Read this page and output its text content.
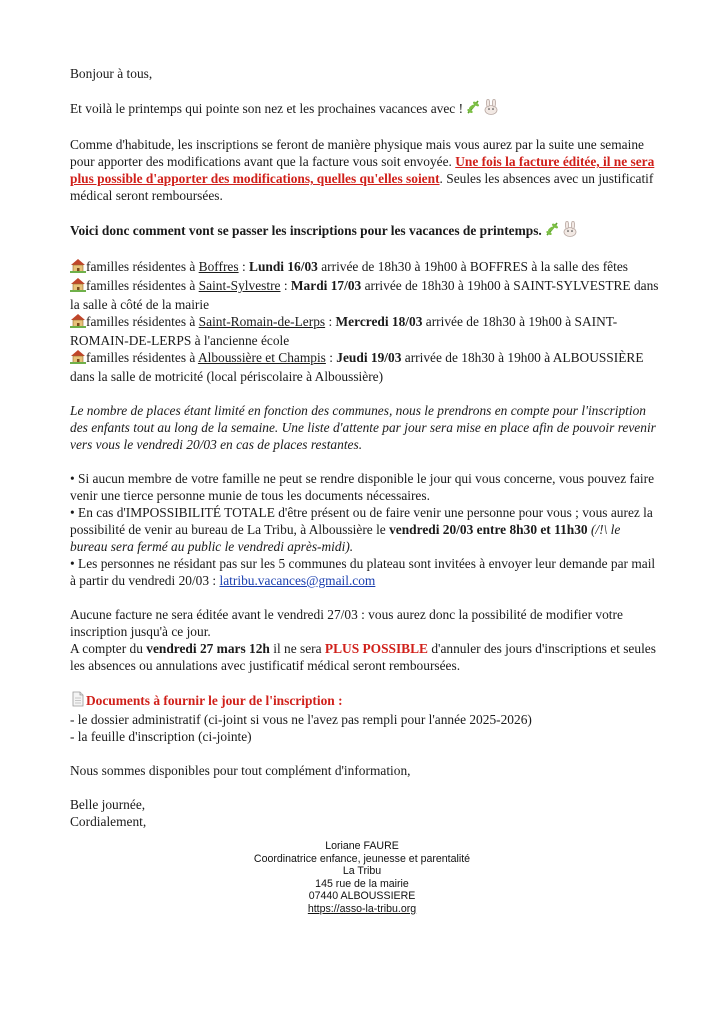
Bonjour à tous,

Et voilà le printemps qui pointe son nez et les prochaines vacances avec !

Comme d'habitude, les inscriptions se feront de manière physique mais vous aurez par la suite une semaine pour apporter des modifications avant que la facture vous soit envoyée. Une fois la facture éditée, il ne sera plus possible d'apporter des modifications, quelles qu'elles soient. Seules les absences avec un justificatif médical seront remboursées.

Voici donc comment vont se passer les inscriptions pour les vacances de printemps.

familles résidentes à Boffres : Lundi 16/03 arrivée de 18h30 à 19h00 à BOFFRES à la salle des fêtes

familles résidentes à Saint-Sylvestre : Mardi 17/03 arrivée de 18h30 à 19h00 à SAINT-SYLVESTRE dans la salle à côté de la mairie

familles résidentes à Saint-Romain-de-Lerps : Mercredi 18/03 arrivée de 18h30 à 19h00 à SAINT-ROMAIN-DE-LERPS à l'ancienne école

familles résidentes à Alboussière et Champis : Jeudi 19/03 arrivée de 18h30 à 19h00 à ALBOUSSIÈRE dans la salle de motricité (local périscolaire à Alboussière)

Le nombre de places étant limité en fonction des communes, nous le prendrons en compte pour l'inscription des enfants tout au long de la semaine. Une liste d'attente par jour sera mise en place afin de pouvoir revenir vers vous le vendredi 20/03 en cas de places restantes.

• Si aucun membre de votre famille ne peut se rendre disponible le jour qui vous concerne, vous pouvez faire venir une tierce personne munie de tous les documents nécessaires.

• En cas d'IMPOSSIBILITÉ TOTALE d'être présent ou de faire venir une personne pour vous ; vous aurez la possibilité de venir au bureau de La Tribu, à Alboussière le vendredi 20/03 entre 8h30 et 11h30 (/!\ le bureau sera fermé au public le vendredi après-midi).

• Les personnes ne résidant pas sur les 5 communes du plateau sont invitées à envoyer leur demande par mail à partir du vendredi 20/03 : latribu.vacances@gmail.com

Aucune facture ne sera éditée avant le vendredi 27/03 : vous aurez donc la possibilité de modifier votre inscription jusqu'à ce jour.

A compter du vendredi 27 mars 12h il ne sera PLUS POSSIBLE d'annuler des jours d'inscriptions et seules les absences ou annulations avec justificatif médical seront remboursées.

Documents à fournir le jour de l'inscription :

- le dossier administratif (ci-joint si vous ne l'avez pas rempli pour l'année 2025-2026)

- la feuille d'inscription (ci-jointe)

Nous sommes disponibles pour tout complément d'information,

Belle journée,

Cordialement,

Loriane FAURE
Coordinatrice enfance, jeunesse et parentalité
La Tribu
145 rue de la mairie
07440 ALBOUSSIERE
https://asso-la-tribu.org
